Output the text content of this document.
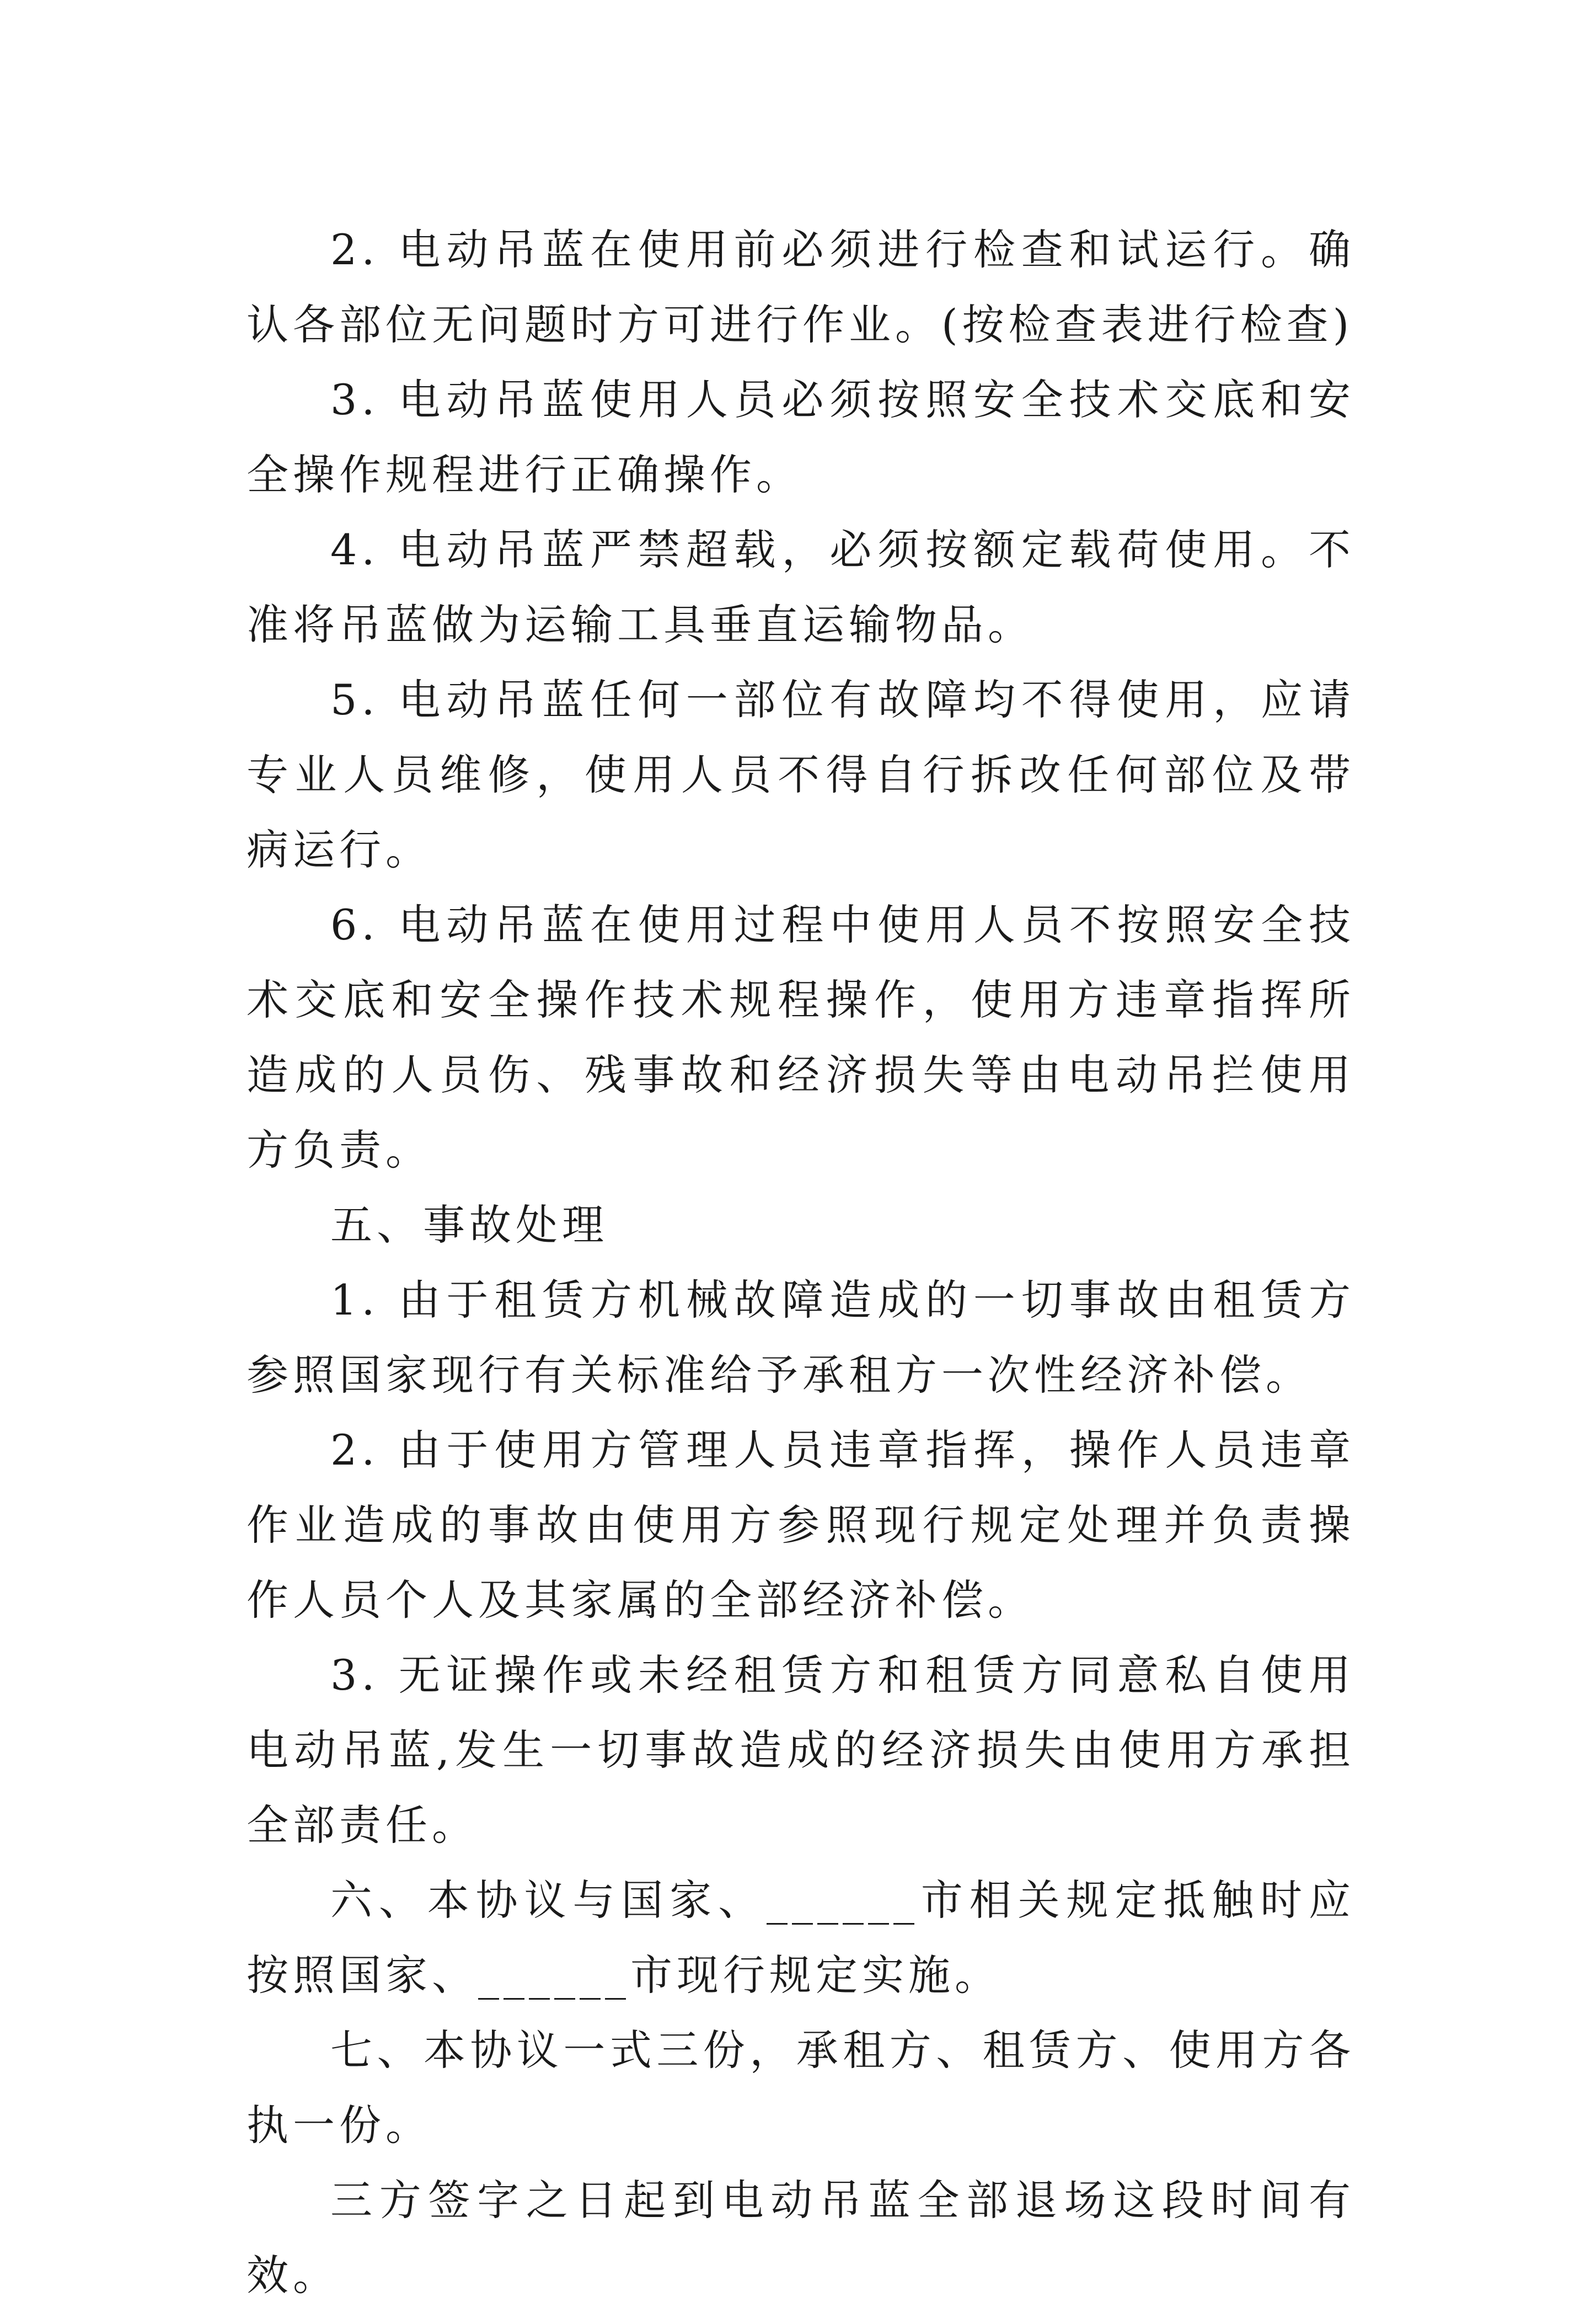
2. 电动吊蓝在使用前必须进行检查和试运行。确认各部位无问题时方可进行作业。(按检查表进行检查)

3. 电动吊蓝使用人员必须按照安全技术交底和安全操作规程进行正确操作。

4. 电动吊蓝严禁超载，必须按额定载荷使用。不准将吊蓝做为运输工具垂直运输物品。

5. 电动吊蓝任何一部位有故障均不得使用，应请专业人员维修，使用人员不得自行拆改任何部位及带病运行。

6. 电动吊蓝在使用过程中使用人员不按照安全技术交底和安全操作技术规程操作，使用方违章指挥所造成的人员伤、残事故和经济损失等由电动吊拦使用方负责。

五、事故处理

1. 由于租赁方机械故障造成的一切事故由租赁方参照国家现行有关标准给予承租方一次性经济补偿。

2. 由于使用方管理人员违章指挥，操作人员违章作业造成的事故由使用方参照现行规定处理并负责操作人员个人及其家属的全部经济补偿。

3. 无证操作或未经租赁方和租赁方同意私自使用电动吊蓝,发生一切事故造成的经济损失由使用方承担全部责任。

六、本协议与国家、______市相关规定抵触时应按照国家、______市现行规定实施。

七、本协议一式三份，承租方、租赁方、使用方各执一份。

三方签字之日起到电动吊蓝全部退场这段时间有效。
